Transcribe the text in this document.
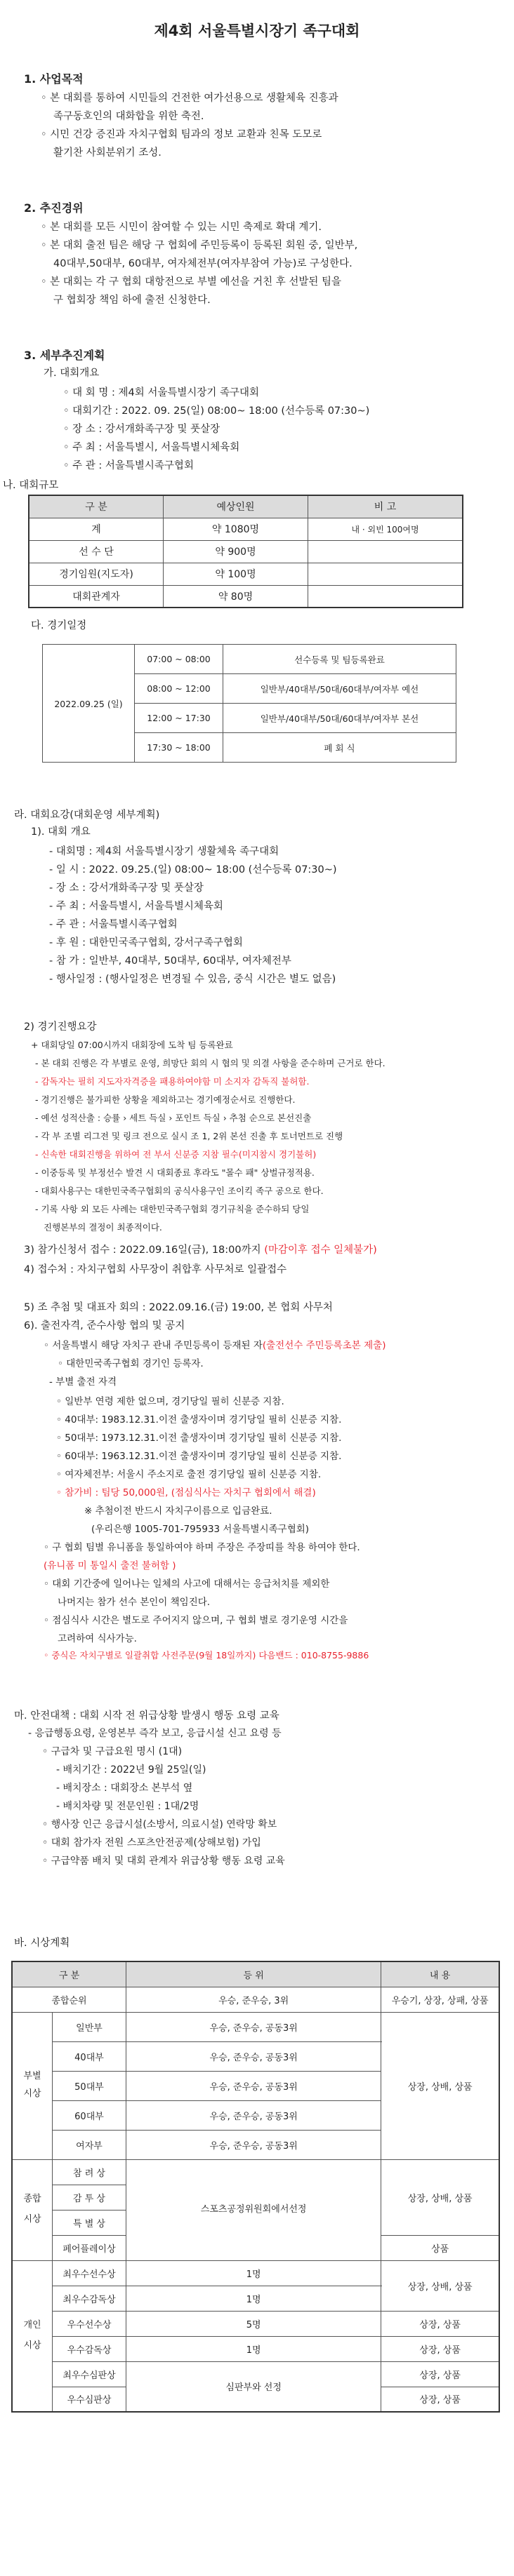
제4회 서울특별시장기 족구대회
1. 사업목적
◦ 본 대회를 통하여 시민들의 건전한 여가선용으로 생활체육 진흥과
족구동호인의 대화합을 위한 축전.
◦ 시민 건강 증진과 자치구협회 팀과의 정보 교환과 친목 도모로
활기찬 사회분위기 조성.
2. 추진경위
◦ 본 대회를 모든 시민이 참여할 수 있는 시민 축제로 확대 계기.
◦ 본 대회 출전 팀은 해당 구 협회에 주민등록이 등록된 회원 중, 일반부,
40대부,50대부, 60대부, 여자체전부(여자부참여 가능)로 구성한다.
◦ 본 대회는 각 구 협회 대항전으로 부별 예선을 거친 후 선발된 팀을
구 협회장 책임 하에 출전 신청한다.
3. 세부추진계획
가. 대회개요
◦ 대 회 명 : 제4회 서울특별시장기 족구대회
◦ 대회기간 : 2022. 09. 25(일) 08:00~ 18:00 (선수등록 07:30~)
◦ 장 소 : 강서개화족구장 및 풋살장
◦ 주 최 : 서울특별시, 서울특별시체육회
◦ 주 관 : 서울특별시족구협회
나. 대회규모
구 분	예상인원	비 고
계	약 1080명	내 · 외빈 100여명
선 수 단	약 900명	
경기임원(지도자)	약 100명	
대회관계자	약 80명	
다. 경기일정
2022.09.25 (일)	07:00 ~ 08:00	선수등록 및 팀등록완료
	08:00 ~ 12:00	일반부/40대부/50대/60대부/여자부 예선
	12:00 ~ 17:30	일반부/40대부/50대/60대부/여자부 본선
	17:30 ~ 18:00	폐 회 식
라. 대회요강(대회운영 세부계획)
1). 대회 개요
- 대회명 : 제4회 서울특별시장기 생활체육 족구대회
- 일 시 : 2022. 09.25.(일) 08:00~ 18:00 (선수등록 07:30~)
- 장 소 : 강서개화족구장 및 풋살장
- 주 최 : 서울특별시, 서울특별시체육회
- 주 관 : 서울특별시족구협회
- 후 원 : 대한민국족구협회, 강서구족구협회
- 참 가 : 일반부, 40대부, 50대부, 60대부, 여자체전부
- 행사일정 : (행사일정은 변경될 수 있음, 중식 시간은 별도 없음)
2) 경기진행요강
+ 대회당일 07:00시까지 대회장에 도착 팀 등록완료
- 본 대회 진행은 각 부별로 운영, 희망단 회의 시 협의 및 의결 사항을 준수하며 근거로 한다.
- 감독자는 필히 지도자자격증을 패용하여야함 미 소지자 감독직 불허함.
- 경기진행은 불가피한 상황을 제외하고는 경기예정순서로 진행한다.
- 예선 성적산출 : 승률 › 세트 득실 › 포인트 득실 › 추첨 순으로 본선진출
- 각 부 조별 리그전 및 링크 전으로 실시 조 1, 2위 본선 진출 후 토너먼트로 진행
- 신속한 대회진행을 위하여 전 부서 신분증 지참 필수(미지참시 경기불허)
- 이중등록 및 부정선수 발견 시 대회종료 후라도 "몰수 패" 상벌규정적용.
- 대회사용구는 대한민국족구협회의 공식사용구인 조이킥 족구 공으로 한다.
- 기록 사항 외 모든 사례는 대한민국족구협회 경기규칙을 준수하되 당일
진행본부의 결정이 최종적이다.
3) 참가신청서 접수 : 2022.09.16일(금), 18:00까지 (마감이후 접수 일체불가)
4) 접수처 : 자치구협회 사무장이 취합후 사무처로 일괄접수
5) 조 추첨 및 대표자 회의 : 2022.09.16.(금) 19:00, 본 협회 사무처
6). 출전자격, 준수사항 협의 및 공지
◦ 서울특별시 해당 자치구 관내 주민등록이 등재된 자(출전선수 주민등록초본 제출)
◦ 대한민국족구협회 경기인 등록자.
- 부별 출전 자격
◦ 일반부 연령 제한 없으며, 경기당일 필히 신분증 지참.
◦ 40대부: 1983.12.31.이전 출생자이며 경기당일 필히 신분증 지참.
◦ 50대부: 1973.12.31.이전 출생자이며 경기당일 필히 신분증 지참.
◦ 60대부: 1963.12.31.이전 출생자이며 경기당일 필히 신분증 지참.
◦ 여자체전부: 서울시 주소지로 출전 경기당일 필히 신분증 지참.
◦ 참가비 : 팀당 50,000원, (점심식사는 자치구 협회에서 해결)
※ 추첨이전 반드시 자치구이름으로 입금완료.
(우리은행 1005-701-795933 서울특별시족구협회)
◦ 구 협회 팀별 유니폼을 통일하여야 하며 주장은 주장띠를 착용 하여야 한다.
(유니폼 미 통일시 출전 불허함 )
◦ 대회 기간중에 일어나는 일체의 사고에 대해서는 응급처치를 제외한
나머지는 참가 선수 본인이 책임진다.
◦ 점심식사 시간은 별도로 주어지지 않으며, 구 협회 별로 경기운영 시간을
고려하여 식사가능.
◦ 중식은 자치구별로 일괄취합 사전주문(9월 18일까지) 다음밴드 : 010-8755-9886
마. 안전대책 : 대회 시작 전 위급상황 발생시 행동 요령 교육
- 응급행동요령, 운영본부 즉각 보고, 응급시설 신고 요령 등
◦ 구급차 및 구급요원 명시 (1대)
- 배치기간 : 2022년 9월 25일(일)
- 배치장소 : 대회장소 본부석 옆
- 배치차량 및 전문인원 : 1대/2명
◦ 행사장 인근 응급시설(소방서, 의료시설) 연락망 확보
◦ 대회 참가자 전원 스포츠안전공제(상해보험) 가입
◦ 구급약품 배치 및 대회 관계자 위급상황 행동 요령 교육
바. 시상계획
구 분		등 위	내 용
종합순위		우승, 준우승, 3위	우승기, 상장, 상패, 상품
부별시상	일반부	우승, 준우승, 공동3위	상장, 상배, 상품
	40대부	우승, 준우승, 공동3위	
	50대부	우승, 준우승, 공동3위	
	60대부	우승, 준우승, 공동3위	
	여자부	우승, 준우승, 공동3위	
종합시상	참 려 상	스포츠공정위원회에서선정	상장, 상배, 상품
	감 투 상		
	특 별 상		
	페어플레이상		상품
개인시상	최우수선수상	1명	상장, 상배, 상품
	최우수감독상	1명	
	우수선수상	5명	상장, 상품
	우수감독상	1명	상장, 상품
	최우수심판상	심판부와 선정	상장, 상품
	우수심판상		상장, 상품
